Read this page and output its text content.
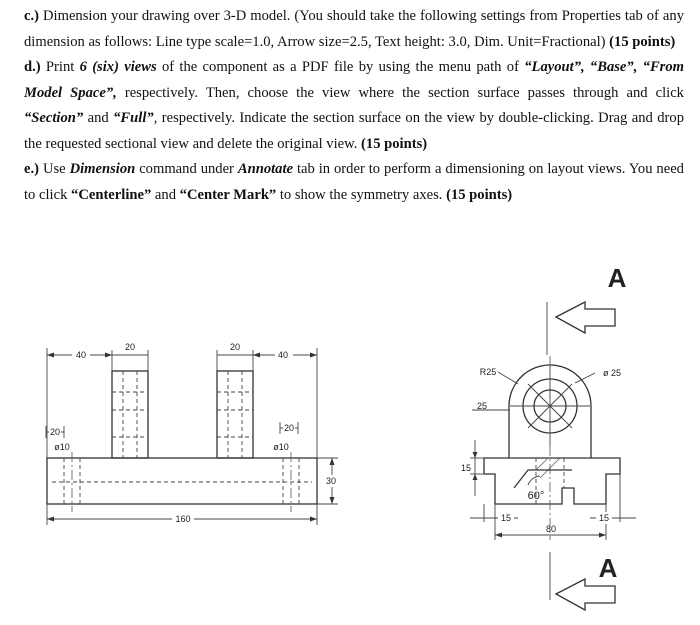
c.) Dimension your drawing over 3-D model. (You should take the following settings from Properties tab of any dimension as follows: Line type scale=1.0, Arrow size=2.5, Text height: 3.0, Dim. Unit=Fractional) (15 points)

d.) Print 6 (six) views of the component as a PDF file by using the menu path of “Layout”, “Base”, “From Model Space”, respectively. Then, choose the view where the section surface passes through and click “Section” and “Full”, respectively. Indicate the section surface on the view by double-clicking. Drag and drop the requested sectional view and delete the original view. (15 points)

e.) Use Dimension command under Annotate tab in order to perform a dimensioning on layout views. You need to click “Centerline” and “Center Mark” to show the symmetry axes. (15 points)

40
20	20
40
20	20
ø10	ø10
30
160
A
R25	ø 25
25
15
60°
15	15
80
A
